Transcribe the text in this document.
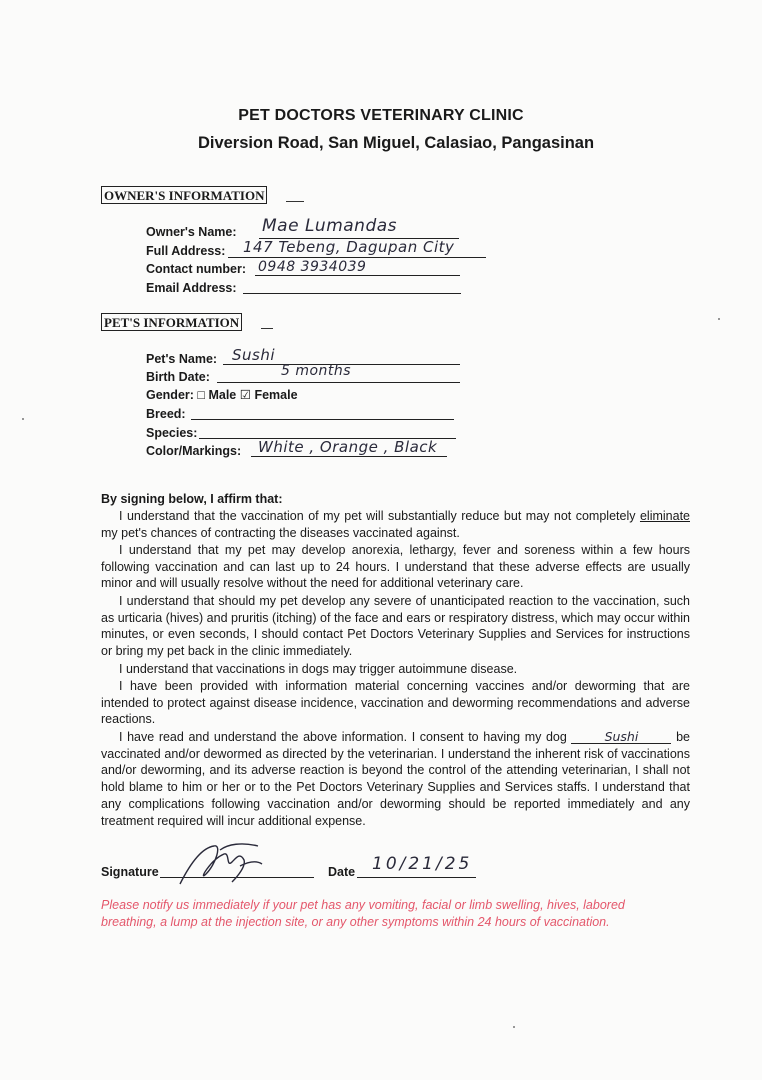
PET DOCTORS VETERINARY CLINIC
Diversion Road, San Miguel, Calasiao, Pangasinan
OWNER'S INFORMATION
Owner's Name: Mae Lumandas
Full Address: 147 Tebeng, Dagupan City
Contact number: 0948 3934039
Email Address:
PET'S INFORMATION
Pet's Name: Sushi
Birth Date:	5 months
Gender: □ Male ☑ Female
Breed:
Species:
Color/Markings: White , Orange , Black
By signing below, I affirm that:

I understand that the vaccination of my pet will substantially reduce but may not completely eliminate my pet's chances of contracting the diseases vaccinated against.

I understand that my pet may develop anorexia, lethargy, fever and soreness within a few hours following vaccination and can last up to 24 hours. I understand that these adverse effects are usually minor and will usually resolve without the need for additional veterinary care.

I understand that should my pet develop any severe of unanticipated reaction to the vaccination, such as urticaria (hives) and pruritis (itching) of the face and ears or respiratory distress, which may occur within minutes, or even seconds, I should contact Pet Doctors Veterinary Supplies and Services for instructions or bring my pet back in the clinic immediately.

I understand that vaccinations in dogs may trigger autoimmune disease.

I have been provided with information material concerning vaccines and/or deworming that are intended to protect against disease incidence, vaccination and deworming recommendations and adverse reactions.

I have read and understand the above information. I consent to having my dog	Sushi	be vaccinated and/or dewormed as directed by the veterinarian. I understand the inherent risk of vaccinations and/or deworming, and its adverse reaction is beyond the control of the attending veterinarian, I shall not hold blame to him or her or to the Pet Doctors Veterinary Supplies and Services staffs. I understand that any complications following vaccination and/or deworming should be reported immediately and any treatment required will incur additional expense.

Signature	Date 10/21/25
Please notify us immediately if your pet has any vomiting, facial or limb swelling, hives, labored breathing, a lump at the injection site, or any other symptoms within 24 hours of vaccination.
